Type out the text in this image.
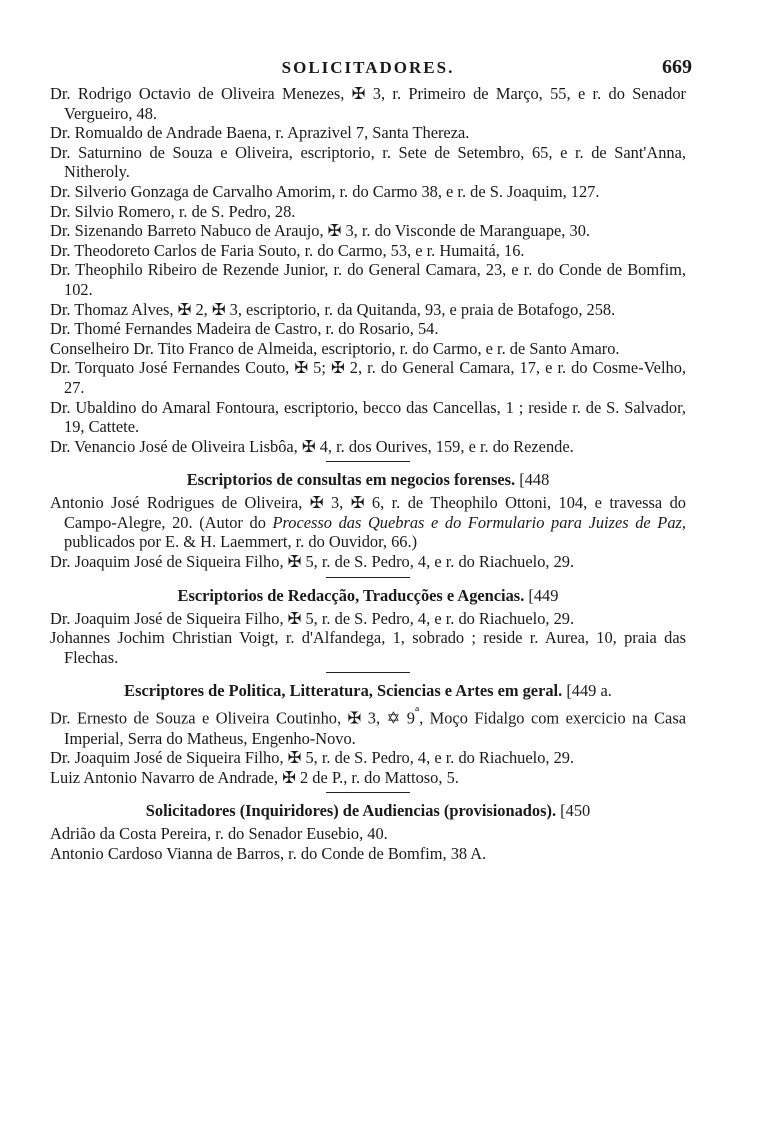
SOLICITADORES.	669

Dr. Rodrigo Octavio de Oliveira Menezes, ✠ 3, r. Primeiro de Março, 55, e r. do Senador Vergueiro, 48.

Dr. Romualdo de Andrade Baena, r. Aprazivel 7, Santa Thereza.

Dr. Saturnino de Souza e Oliveira, escriptorio, r. Sete de Setembro, 65, e r. de Sant'Anna, Nitheroly.

Dr. Silverio Gonzaga de Carvalho Amorim, r. do Carmo 38, e r. de S. Joaquim, 127.

Dr. Silvio Romero, r. de S. Pedro, 28.

Dr. Sizenando Barreto Nabuco de Araujo, ✠ 3, r. do Visconde de Maranguape, 30.

Dr. Theodoreto Carlos de Faria Souto, r. do Carmo, 53, e r. Humaitá, 16.

Dr. Theophilo Ribeiro de Rezende Junior, r. do General Camara, 23, e r. do Conde de Bomfim, 102.

Dr. Thomaz Alves, ✠ 2, ✠ 3, escriptorio, r. da Quitanda, 93, e praia de Botafogo, 258.

Dr. Thomé Fernandes Madeira de Castro, r. do Rosario, 54.

Conselheiro Dr. Tito Franco de Almeida, escriptorio, r. do Carmo, e r. de Santo Amaro.

Dr. Torquato José Fernandes Couto, ✠ 5; ✠ 2, r. do General Camara, 17, e r. do Cosme-Velho, 27.

Dr. Ubaldino do Amaral Fontoura, escriptorio, becco das Cancellas, 1 ; reside r. de S. Salvador, 19, Cattete.

Dr. Venancio José de Oliveira Lisbôa, ✠ 4, r. dos Ourives, 159, e r. do Rezende.

Escriptorios de consultas em negocios forenses. [448

Antonio José Rodrigues de Oliveira, ✠ 3, ✠ 6, r. de Theophilo Ottoni, 104, e travessa do Campo-Alegre, 20. (Autor do Processo das Quebras e do Formulario para Juizes de Paz, publicados por E. & H. Laemmert, r. do Ouvidor, 66.)

Dr. Joaquim José de Siqueira Filho, ✠ 5, r. de S. Pedro, 4, e r. do Riachuelo, 29.

Escriptorios de Redacção, Traducções e Agencias. [449

Dr. Joaquim José de Siqueira Filho, ✠ 5, r. de S. Pedro, 4, e r. do Riachuelo, 29.

Johannes Jochim Christian Voigt, r. d'Alfandega, 1, sobrado ; reside r. Aurea, 10, praia das Flechas.

Escriptores de Politica, Litteratura, Sciencias e Artes em geral. [449 a.

Dr. Ernesto de Souza e Oliveira Coutinho, ✠ 3, ✡ $9^ª$, Moço Fidalgo com exercicio na Casa Imperial, Serra do Matheus, Engenho-Novo.

Dr. Joaquim José de Siqueira Filho, ✠ 5, r. de S. Pedro, 4, e r. do Riachuelo, 29.

Luiz Antonio Navarro de Andrade, ✠ 2 de P., r. do Mattoso, 5.

Solicitadores (Inquiridores) de Audiencias (provisionados). [450

Adrião da Costa Pereira, r. do Senador Eusebio, 40.

Antonio Cardoso Vianna de Barros, r. do Conde de Bomfim, 38 A.
